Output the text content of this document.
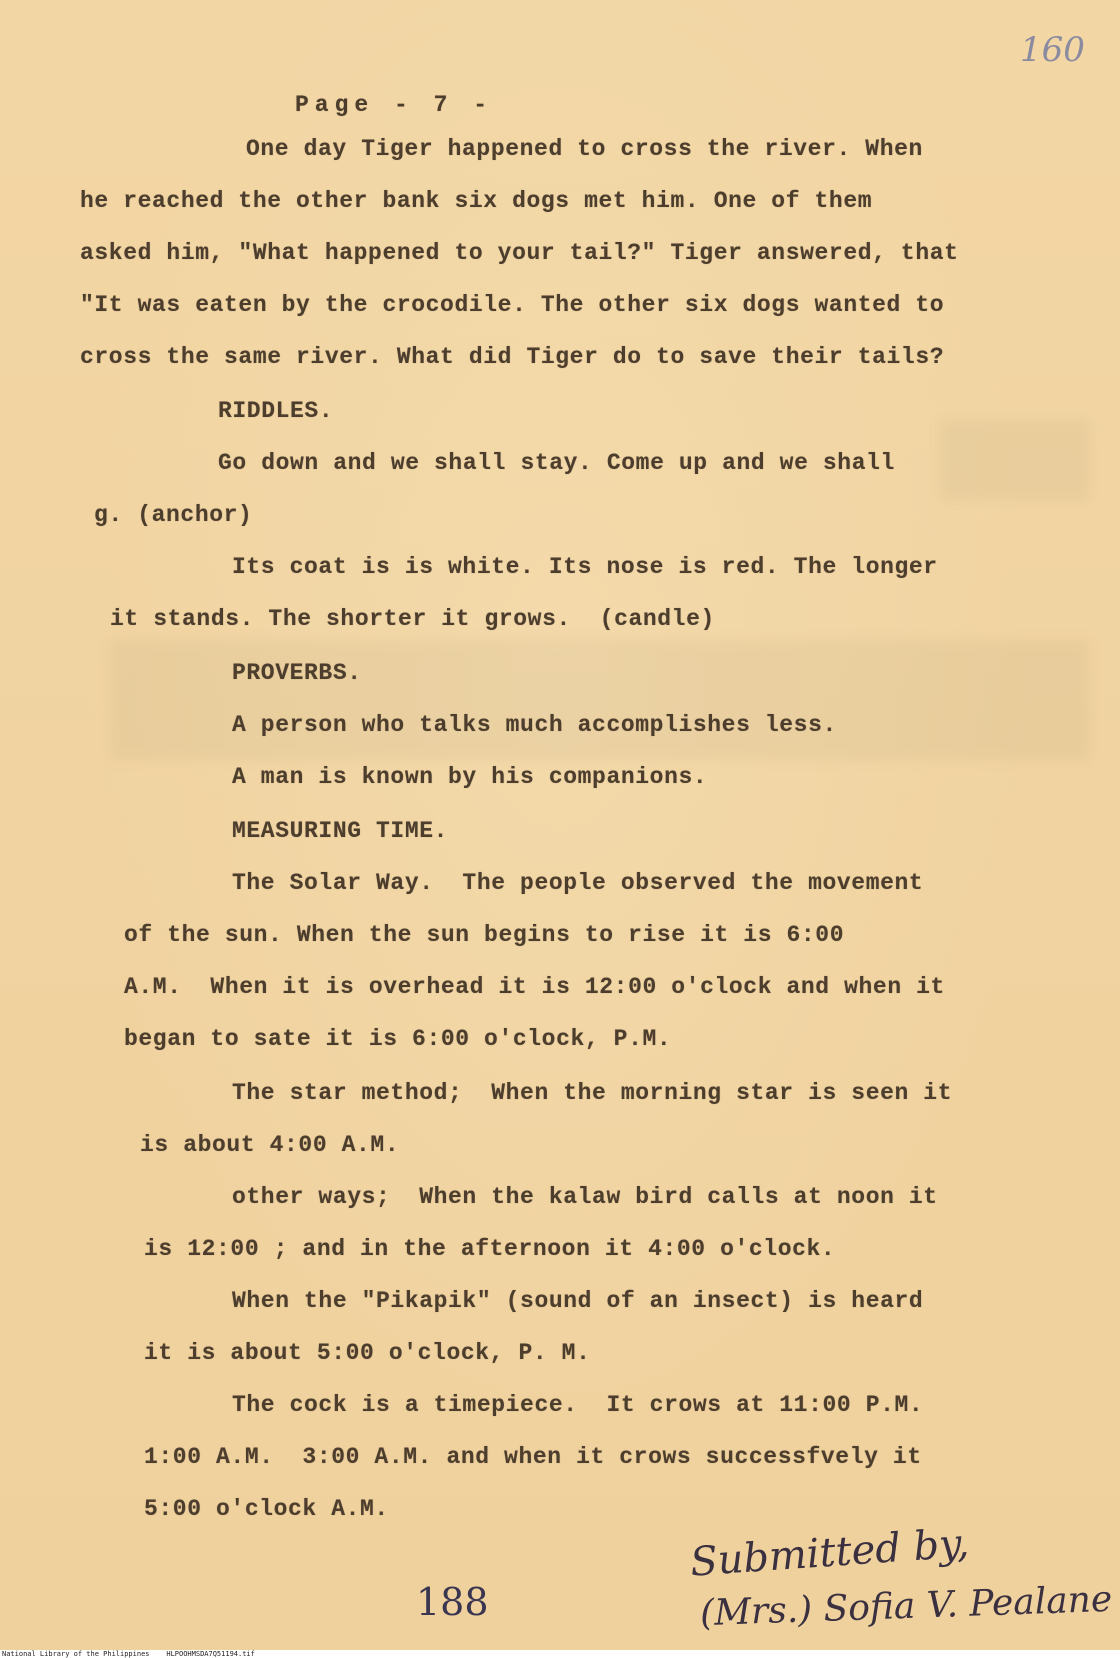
160
Page - 7 -
One day Tiger happened to cross the river. When
he reached the other bank six dogs met him. One of them
asked him, "What happened to your tail?" Tiger answered, that
"It was eaten by the crocodile. The other six dogs wanted to
cross the same river. What did Tiger do to save their tails?
RIDDLES.
Go down and we shall stay. Come up and we shall
g. (anchor)
Its coat is is white. Its nose is red. The longer
it stands. The shorter it grows.  (candle)
PROVERBS.
A person who talks much accomplishes less.
A man is known by his companions.
MEASURING TIME.
The Solar Way.  The people observed the movement
of the sun. When the sun begins to rise it is 6:00
A.M.  When it is overhead it is 12:00 o'clock and when it
began to sate it is 6:00 o'clock, P.M.
The star method;  When the morning star is seen it
is about 4:00 A.M.
other ways;  When the kalaw bird calls at noon it
is 12:00 ; and in the afternoon it 4:00 o'clock.
When the "Pikapik" (sound of an insect) is heard
it is about 5:00 o'clock, P. M.
The cock is a timepiece.  It crows at 11:00 P.M.
1:00 A.M.  3:00 A.M. and when it crows successfvely it
5:00 o'clock A.M.
Submitted by,
(Mrs.) Sofia V. Pealane
188
National Library of the Philippines    HLPOOHMSDA7Q51194.tif
